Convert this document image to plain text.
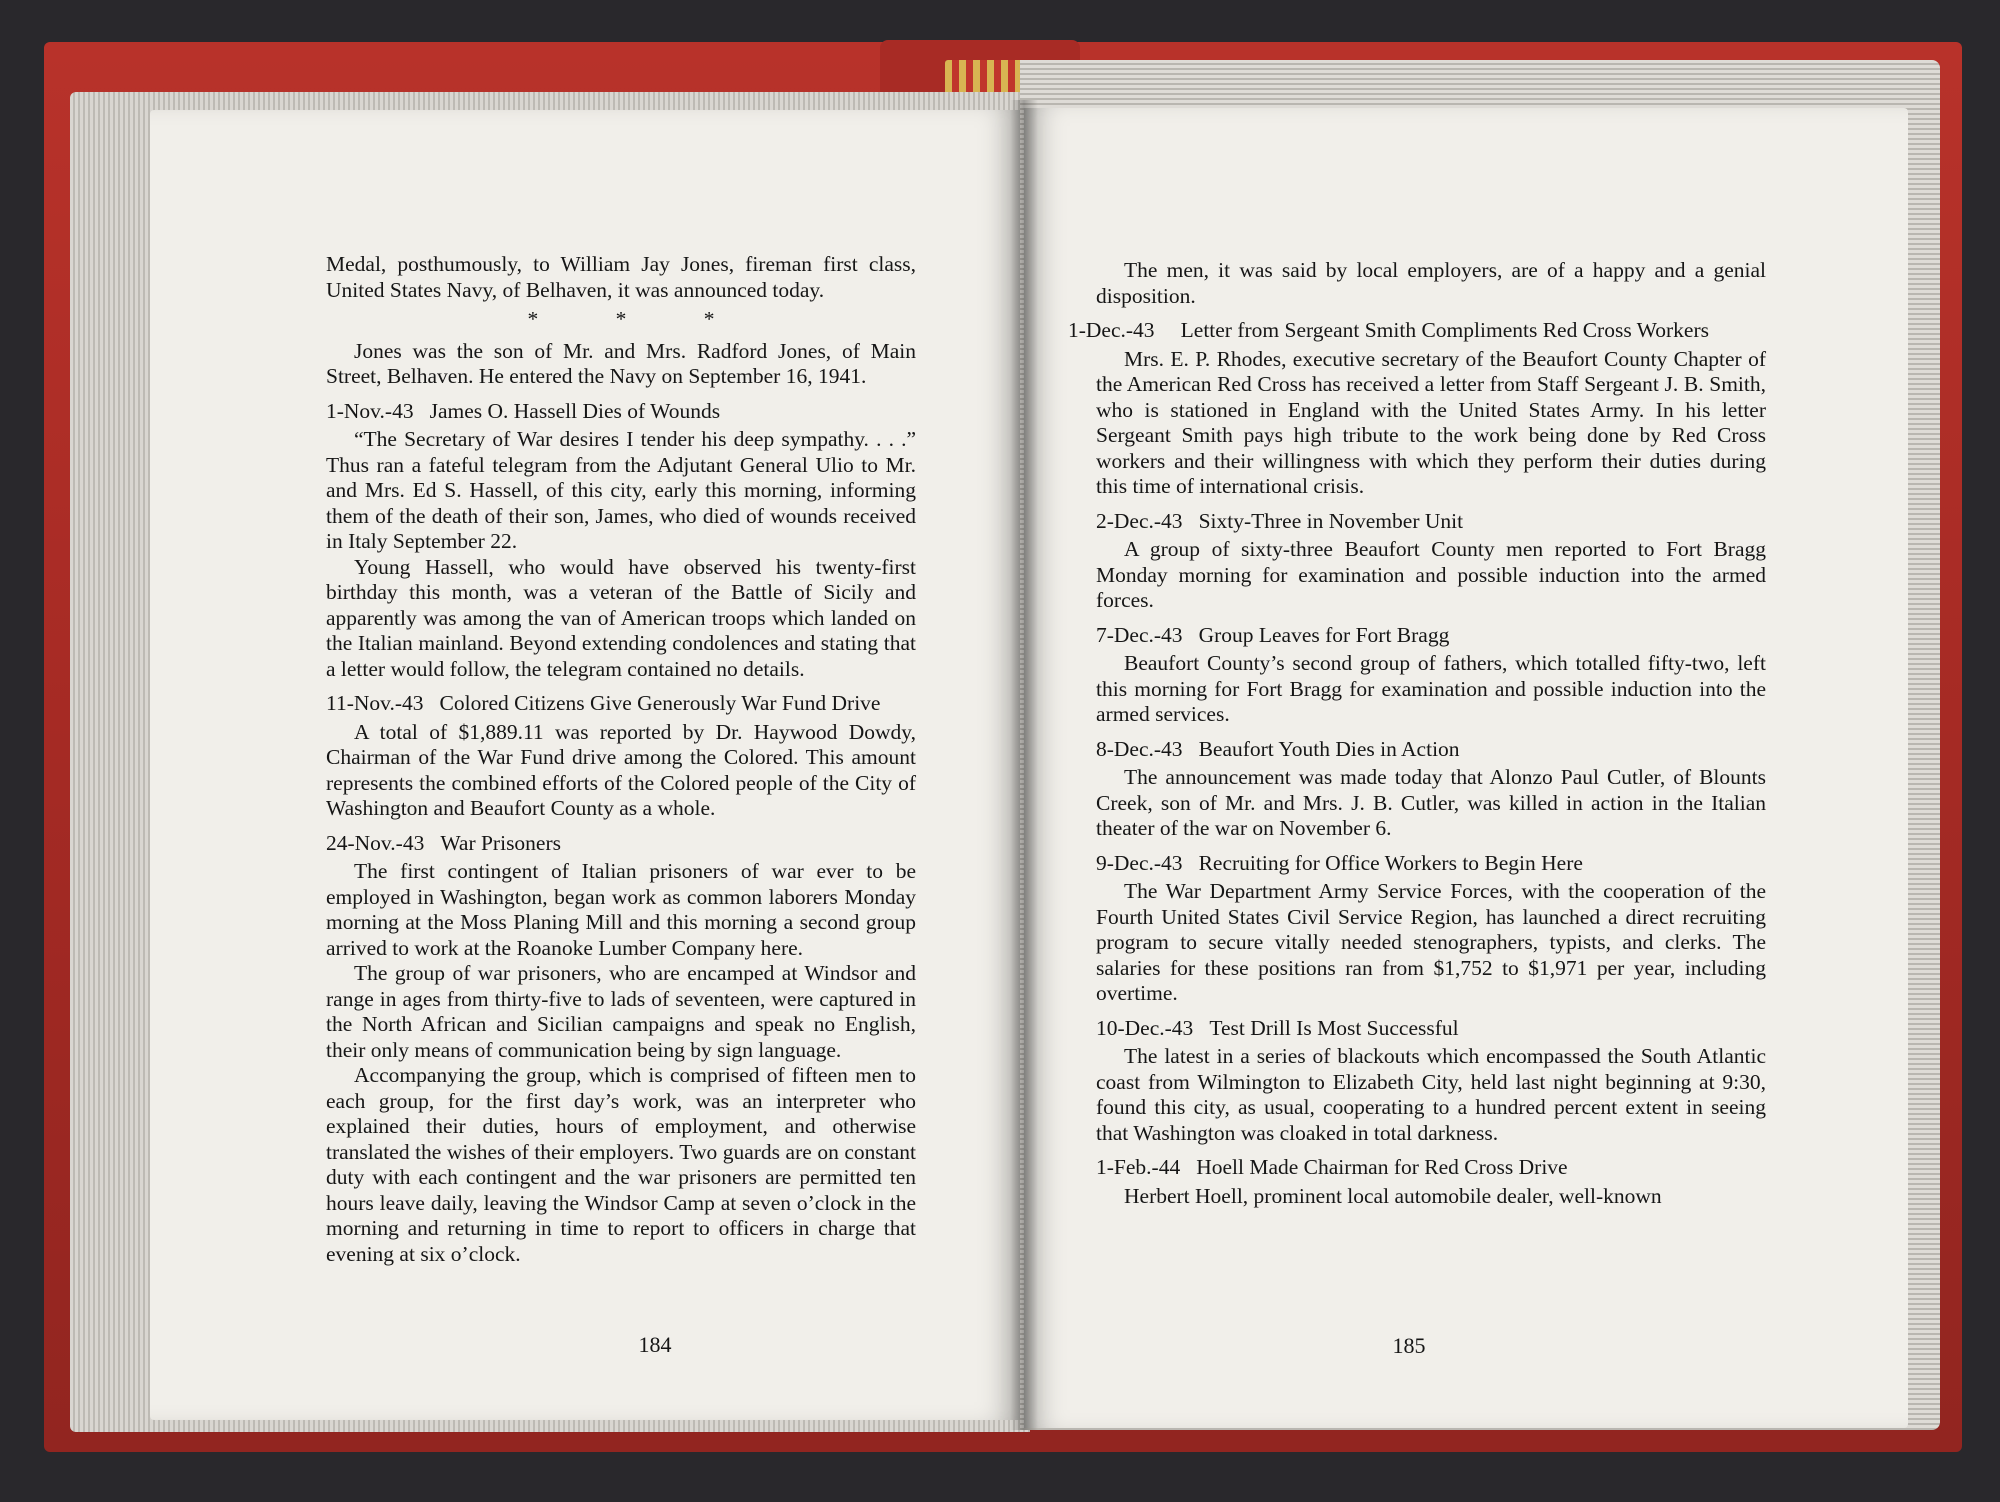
Medal, posthumously, to William Jay Jones, fireman first class, United States Navy, of Belhaven, it was announced today.

* * *

Jones was the son of Mr. and Mrs. Radford Jones, of Main Street, Belhaven. He entered the Navy on September 16, 1941.

1-Nov.-43 James O. Hassell Dies of Wounds

“The Secretary of War desires I tender his deep sympathy. . . .” Thus ran a fateful telegram from the Adjutant General Ulio to Mr. and Mrs. Ed S. Hassell, of this city, early this morning, informing them of the death of their son, James, who died of wounds received in Italy September 22.

Young Hassell, who would have observed his twenty-first birthday this month, was a veteran of the Battle of Sicily and apparently was among the van of American troops which landed on the Italian mainland. Beyond extending condolences and stating that a letter would follow, the telegram contained no details.

11-Nov.-43 Colored Citizens Give Generously War Fund Drive

A total of $1,889.11 was reported by Dr. Haywood Dowdy, Chairman of the War Fund drive among the Colored. This amount represents the combined efforts of the Colored people of the City of Washington and Beaufort County as a whole.

24-Nov.-43 War Prisoners

The first contingent of Italian prisoners of war ever to be employed in Washington, began work as common laborers Monday morning at the Moss Planing Mill and this morning a second group arrived to work at the Roanoke Lumber Company here.

The group of war prisoners, who are encamped at Windsor and range in ages from thirty-five to lads of seventeen, were captured in the North African and Sicilian campaigns and speak no English, their only means of communication being by sign language.

Accompanying the group, which is comprised of fifteen men to each group, for the first day’s work, was an interpreter who explained their duties, hours of employment, and otherwise translated the wishes of their employers. Two guards are on constant duty with each contingent and the war prisoners are permitted ten hours leave daily, leaving the Windsor Camp at seven o’clock in the morning and returning in time to report to officers in charge that evening at six o’clock.

184

The men, it was said by local employers, are of a happy and a genial disposition.

1-Dec.-43 Letter from Sergeant Smith Compliments Red Cross Workers

Mrs. E. P. Rhodes, executive secretary of the Beaufort County Chapter of the American Red Cross has received a letter from Staff Sergeant J. B. Smith, who is stationed in England with the United States Army. In his letter Sergeant Smith pays high tribute to the work being done by Red Cross workers and their willingness with which they perform their duties during this time of international crisis.

2-Dec.-43 Sixty-Three in November Unit

A group of sixty-three Beaufort County men reported to Fort Bragg Monday morning for examination and possible induction into the armed forces.

7-Dec.-43 Group Leaves for Fort Bragg

Beaufort County’s second group of fathers, which totalled fifty-two, left this morning for Fort Bragg for examination and possible induction into the armed services.

8-Dec.-43 Beaufort Youth Dies in Action

The announcement was made today that Alonzo Paul Cutler, of Blounts Creek, son of Mr. and Mrs. J. B. Cutler, was killed in action in the Italian theater of the war on November 6.

9-Dec.-43 Recruiting for Office Workers to Begin Here

The War Department Army Service Forces, with the cooperation of the Fourth United States Civil Service Region, has launched a direct recruiting program to secure vitally needed stenographers, typists, and clerks. The salaries for these positions ran from $1,752 to $1,971 per year, including overtime.

10-Dec.-43 Test Drill Is Most Successful

The latest in a series of blackouts which encompassed the South Atlantic coast from Wilmington to Elizabeth City, held last night beginning at 9:30, found this city, as usual, cooperating to a hundred percent extent in seeing that Washington was cloaked in total darkness.

1-Feb.-44 Hoell Made Chairman for Red Cross Drive

Herbert Hoell, prominent local automobile dealer, well-known

185
